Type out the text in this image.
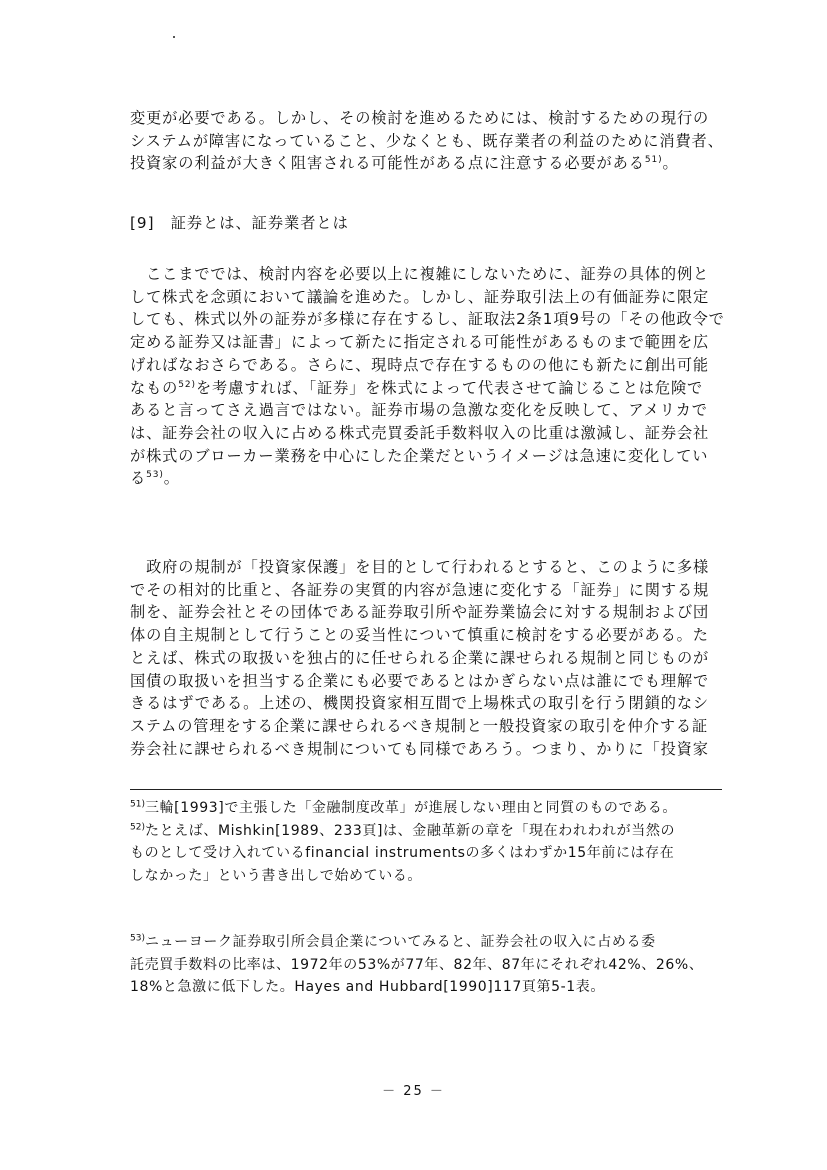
変更が必要である。しかし、その検討を進めるためには、検討するための現行の
システムが障害になっていること、少なくとも、既存業者の利益のために消費者、
投資家の利益が大きく阻害される可能性がある点に注意する必要がある$^{51)}$。

[9]　証券とは、証券業者とは

　ここまででは、検討内容を必要以上に複雑にしないために、証券の具体的例と
して株式を念頭において議論を進めた。しかし、証券取引法上の有価証券に限定
しても、株式以外の証券が多様に存在するし、証取法2条1項9号の「その他政令で
定める証券又は証書」によって新たに指定される可能性があるものまで範囲を広
げればなおさらである。さらに、現時点で存在するものの他にも新たに創出可能
なもの$^{52)}$を考慮すれば、「証券」を株式によって代表させて論じることは危険で
あると言ってさえ過言ではない。証券市場の急激な変化を反映して、アメリカで
は、証券会社の収入に占める株式売買委託手数料収入の比重は激減し、証券会社
が株式のブローカー業務を中心にした企業だというイメージは急速に変化してい
る$^{53)}$。

　政府の規制が「投資家保護」を目的として行われるとすると、このように多様
でその相対的比重と、各証券の実質的内容が急速に変化する「証券」に関する規
制を、証券会社とその団体である証券取引所や証券業協会に対する規制および団
体の自主規制として行うことの妥当性について慎重に検討をする必要がある。た
とえば、株式の取扱いを独占的に任せられる企業に課せられる規制と同じものが
国債の取扱いを担当する企業にも必要であるとはかぎらない点は誰にでも理解で
きるはずである。上述の、機関投資家相互間で上場株式の取引を行う閉鎖的なシ
ステムの管理をする企業に課せられるべき規制と一般投資家の取引を仲介する証
券会社に課せられるべき規制についても同様であろう。つまり、かりに「投資家

$^{51)}$三輪[1993]で主張した「金融制度改革」が進展しない理由と同質のものである。
$^{52)}$たとえば、Mishkin[1989、233頁]は、金融革新の章を「現在われわれが当然の
ものとして受け入れているfinancial instrumentsの多くはわずか15年前には存在
しなかった」という書き出しで始めている。

$^{53)}$ニューヨーク証券取引所会員企業についてみると、証券会社の収入に占める委
託売買手数料の比率は、1972年の53%が77年、82年、87年にそれぞれ42%、26%、
18%と急激に低下した。Hayes and Hubbard[1990]117頁第5-1表。

－ 25 －
